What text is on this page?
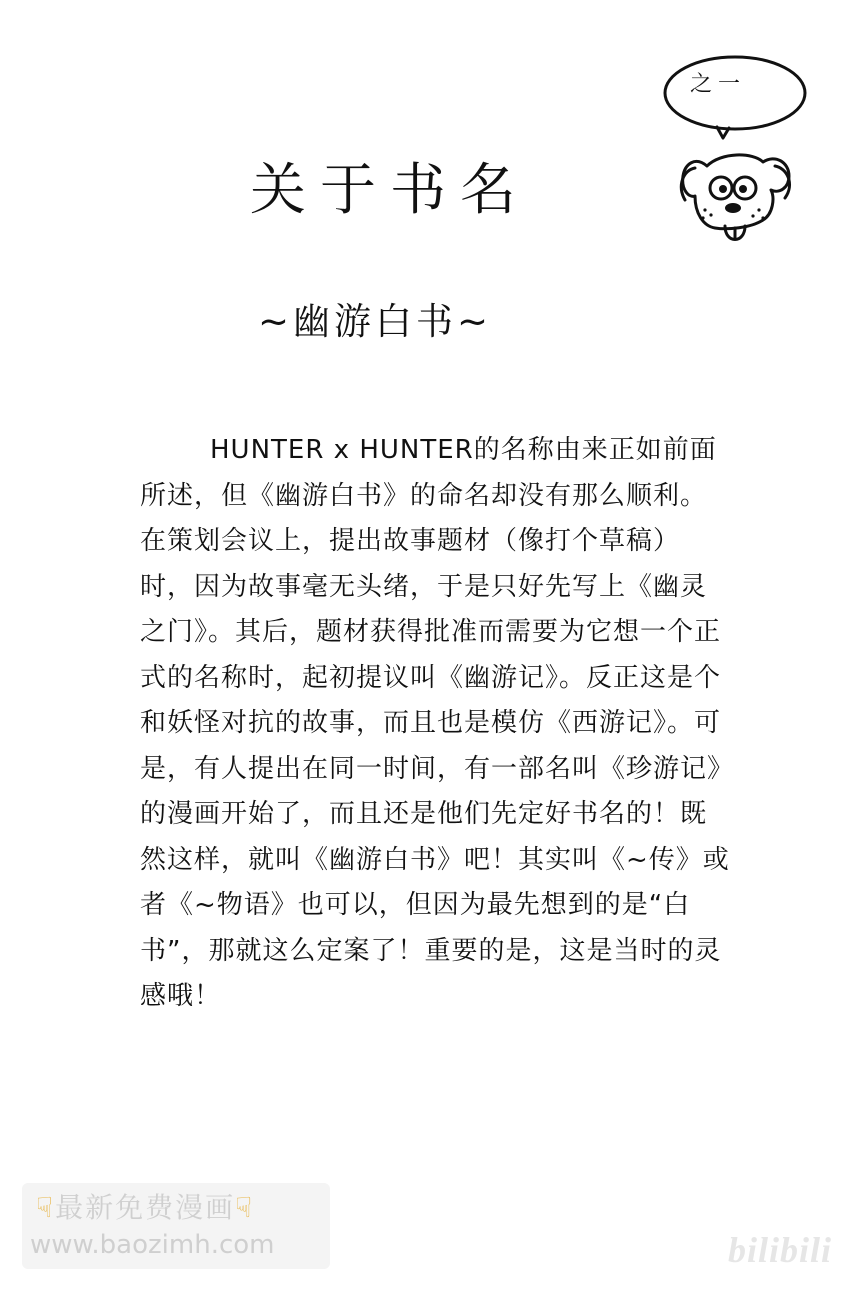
关于书名
之一
~幽游白书~

HUNTER x HUNTER的名称由来正如前面所述，但《幽游白书》的命名却没有那么顺利。在策划会议上，提出故事题材（像打个草稿）时，因为故事毫无头绪，于是只好先写上《幽灵之门》。其后，题材获得批准而需要为它想一个正式的名称时，起初提议叫《幽游记》。反正这是个和妖怪对抗的故事，而且也是模仿《西游记》。可是，有人提出在同一时间，有一部名叫《珍游记》的漫画开始了，而且还是他们先定好书名的！既然这样，就叫《幽游白书》吧！其实叫《~传》或者《~物语》也可以，但因为最先想到的是“白书”，那就这么定案了！重要的是，这是当时的灵感哦！

☟最新免费漫画☟
www.baozimh.com	bilibili
